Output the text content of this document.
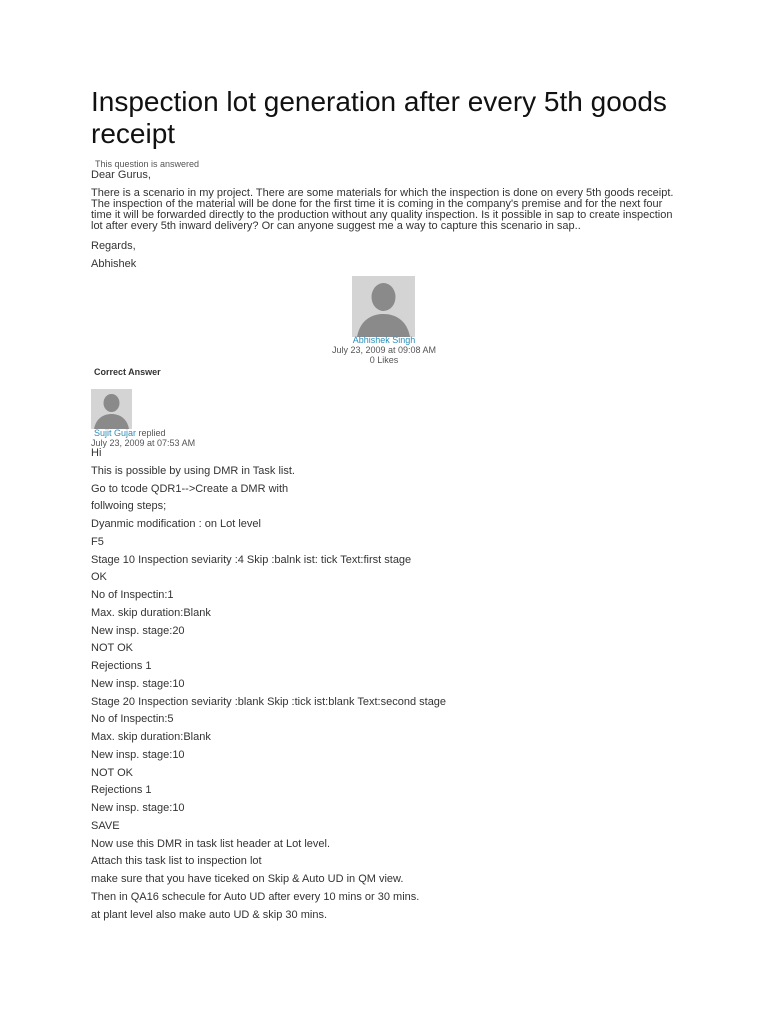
Inspection lot generation after every 5th goods receipt
This question is answered
Dear Gurus,
There is a scenario in my project. There are some materials for which the inspection is done on every 5th goods receipt. The inspection of the material will be done for the first time it is coming in the company's premise and for the next four time it will be forwarded directly to the production without any quality inspection. Is it possible in sap to create inspection lot after every 5th inward delivery? Or can anyone suggest me a way to capture this scenario in sap..
Regards,
Abhishek
Abhishek Singh
July 23, 2009 at 09:08 AM
0 Likes
Correct Answer
Sujit Gujar replied
July 23, 2009 at 07:53 AM
Hi
This is possible by using DMR in Task list.
Go to tcode QDR1-->Create a DMR with
follwoing steps;
Dyanmic modification : on Lot level
F5
Stage 10 Inspection seviarity :4 Skip :balnk ist: tick Text:first stage
OK
No of Inspectin:1
Max. skip duration:Blank
New insp. stage:20
NOT OK
Rejections 1
New insp. stage:10
Stage 20 Inspection seviarity :blank Skip :tick ist:blank Text:second stage
No of Inspectin:5
Max. skip duration:Blank
New insp. stage:10
NOT OK
Rejections 1
New insp. stage:10
SAVE
Now use this DMR in task list header at Lot level.
Attach this task list to inspection lot
make sure that you have ticeked on Skip & Auto UD in QM view.
Then in QA16 schecule for Auto UD after every 10 mins or 30 mins.
at plant level also make auto UD & skip 30 mins.
